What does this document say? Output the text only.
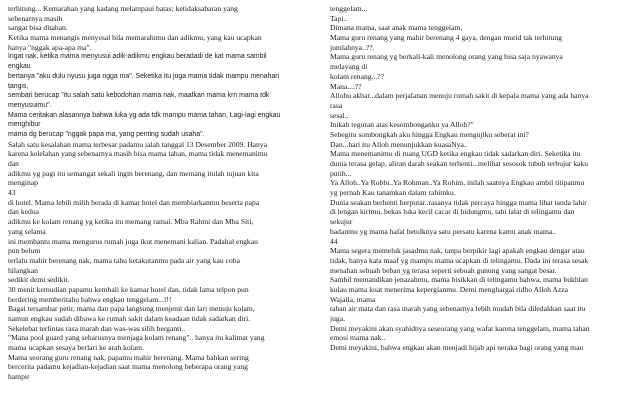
terhitung... Kemarahan yang kadang melampaui batas; ketidaksabaran yang
sebenarnya masih
sangat bisa ditahan.
Ketika mama menangis menyesal bila memarahimu dan adikmu, yang kau ucapkan
hanya "nggak apa-apa ma".
Ingat nak, ketika mama menyusui adik-adikmu engkau beradadi de kat mama sambil
engkau
bertanya "aku dulu nyusu juga ngga ma". Seketika itu juga mama tidak mampu menahan
tangis,
sembari berucap "itu salah satu kebodohan mama nak, maafkan mama krn mama tdk
menyusuimu".
Mama ceritakan alasannya bahwa luka yg ada tdk mampu mama tahan, Lagi-lagi engkau
menghibur
mama dg berucap "nggak papa ma, yang penting sudah usaha".
Salah satu kesalahan mama terbesar padamu ialah tanggal 13 Desember 2009. Hanya
karena kelelahan yang sebenarnya masih bisa mama tahan, mama tidak menemanimu
dan
adikmu yg pagi itu semangat sekali ingin berenang, dan memang itulah tujuan kita
menginap
43
di hotel. Mama lebih milih berada di kamar hotel dan membiarkanmu beserta papa
dan kedua
adikmu ke kolam renang yg ketika itu memang ramai. Mba Rahmi dan Mba Siti,
yang selama
ini membantu mama mengurus rumah juga ikut menemani kalian. Padahal engkau
pun belum
terlalu mahir berenang nak, mama tahu ketakutanmu pada air yang kau coba
hilangkan
sedikit demi sedikit.
30 menit kemudian papamu kembali ke kamar hotel dan, tidak lama telpon pun
berdering memberitahu bahwa engkau tenggelam...!!!
Bagai tersambar petir, mama dan papa langsung menjenit dan lari menuju kolam,
namun engkau sudah dibawa ke rumah sakit dalam keadaan tidak sadarkan diri.
Sekelebat terlintas rasa marah dan was-was silih berganti..
"Mana pool guard yang seharusnya menjaga kolam renang".. hanya itu kalimat yang
mama ucapkan sesaya berlari ke arah kolam.
Mama seorang guru renang nak, papamu mahir berenang. Mama bahkan sering
bercerita padamu kejadian-kejadian saat mama menolong beberapa orang yang
hampir
tenggelam...
Tapi..
Dimana mama, saat anak mama tenggelam,
Mama guru renang yang mahir berenang 4 gaya, dengan murid tak terhitung
jumlahnya..??.
Mama guru renang yg berkali-kali menolong orang yang bisa saja nyawanya
melayang di
kolam renang...??
Mana....??
Allohu akbar...dalam perjalanan menuju rumah sakit di kepala mama yang ada hanya
rasa
sesal..
Inikah teguran atas kesombonganku ya Alloh?"
Sebegitu sombongkah aku hingga Engkau mengujiku seberat ini?
Dan...hari itu Alloh menunjukkan kuasaNya..
Mama menemanimu di ruang UGD ketika engkau tidak sadarkan diri. Seketika itu
dunia terasa gelap, aliran darah seakan terhenti...melihat sesosok tubuh terbujur kaku
putih...
Ya Alloh..Ya Robbi..Ya Rohman..Ya Rohim, inilah saatnya Engkau ambil titipanmu
yg pernah Kau tanamkan dalam rahimku.
Dunia seakan berhenti berputar..rasanya tidak percaya hingga mama lihat tanda lahir
di lengan kirimu, bekas luka kecil cacar di hidungmu, tahi lalat di telingamu dan
sekujur
badanmu yg mama hafal betulknya satu persatu karena kamu anak mama..
44
Mama segera memeluk jasadmu nak, tanpa berpikir lagi apakah engkau dengar atau
tidak, hanya kata maaf yg mampu mama ucapkan di telingamu. Dada ini terasa sesak
menahan sebuah beban yg terasa seperti sebuah gunung yang sangat besar.
Sambil memandikan jenazahmu, mama bisikkan di telingamu bahwa, mama bukhlan
kulau mama kuat menerima kepergianmu. Demi menghargai ridho Alloh Azza
Wajalla, mama
tahan air mata dan rasa marah yang sebenarnya lebih mudah bila diledakkan saat itu
juga.
Demi meyakini akan syahidnya seseorang yang wafat karena tenggelam, mama tahan
emosi mama nak..
Demi meyakini, bahwa engkau akan menjadi hijab api neraka bagi orang yang mau
